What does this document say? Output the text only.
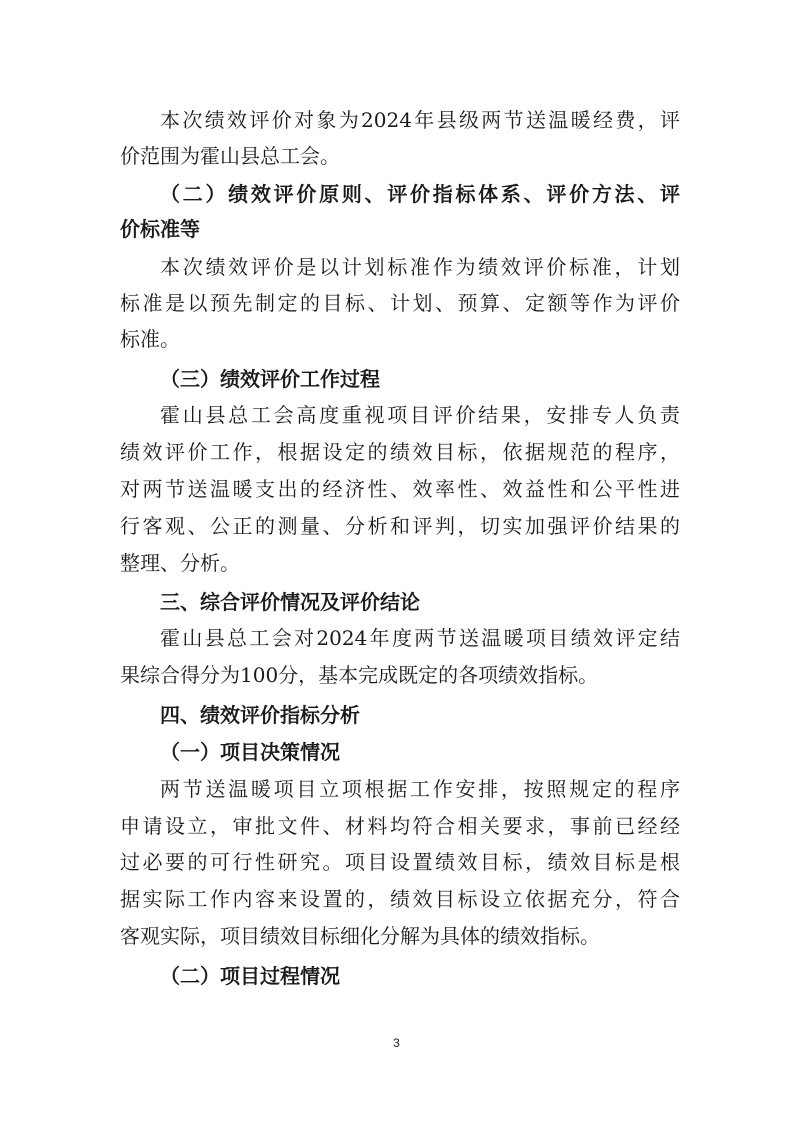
本次绩效评价对象为2024年县级两节送温暖经费，评
价范围为霍山县总工会。
（二）绩效评价原则、评价指标体系、评价方法、评
价标准等
本次绩效评价是以计划标准作为绩效评价标准，计划
标准是以预先制定的目标、计划、预算、定额等作为评价
标准。
（三）绩效评价工作过程
霍山县总工会高度重视项目评价结果，安排专人负责
绩效评价工作，根据设定的绩效目标，依据规范的程序，
对两节送温暖支出的经济性、效率性、效益性和公平性进
行客观、公正的测量、分析和评判，切实加强评价结果的
整理、分析。
三、综合评价情况及评价结论
霍山县总工会对2024年度两节送温暖项目绩效评定结
果综合得分为100分，基本完成既定的各项绩效指标。
四、绩效评价指标分析
（一）项目决策情况
两节送温暖项目立项根据工作安排，按照规定的程序
申请设立，审批文件、材料均符合相关要求，事前已经经
过必要的可行性研究。项目设置绩效目标，绩效目标是根
据实际工作内容来设置的，绩效目标设立依据充分，符合
客观实际，项目绩效目标细化分解为具体的绩效指标。
（二）项目过程情况
3
